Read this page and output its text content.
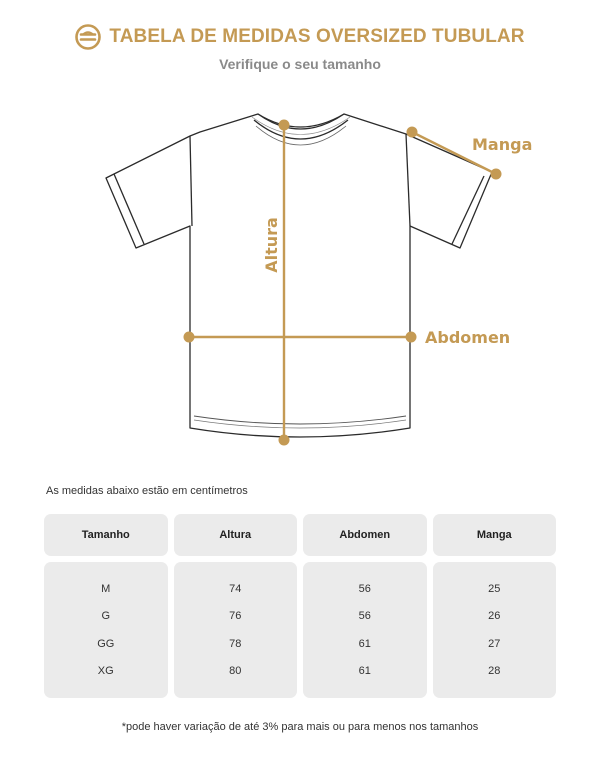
TABELA DE MEDIDAS OVERSIZED TUBULAR
Verifique o seu tamanho
Altura
Manga
Abdomen
As medidas abaixo estão em centímetros
Tamanho
M
G
GG
XG
Altura
74
76
78
80
Abdomen
56
56
61
61
Manga
25
26
27
28
*pode haver variação de até 3% para mais ou para menos nos tamanhos
